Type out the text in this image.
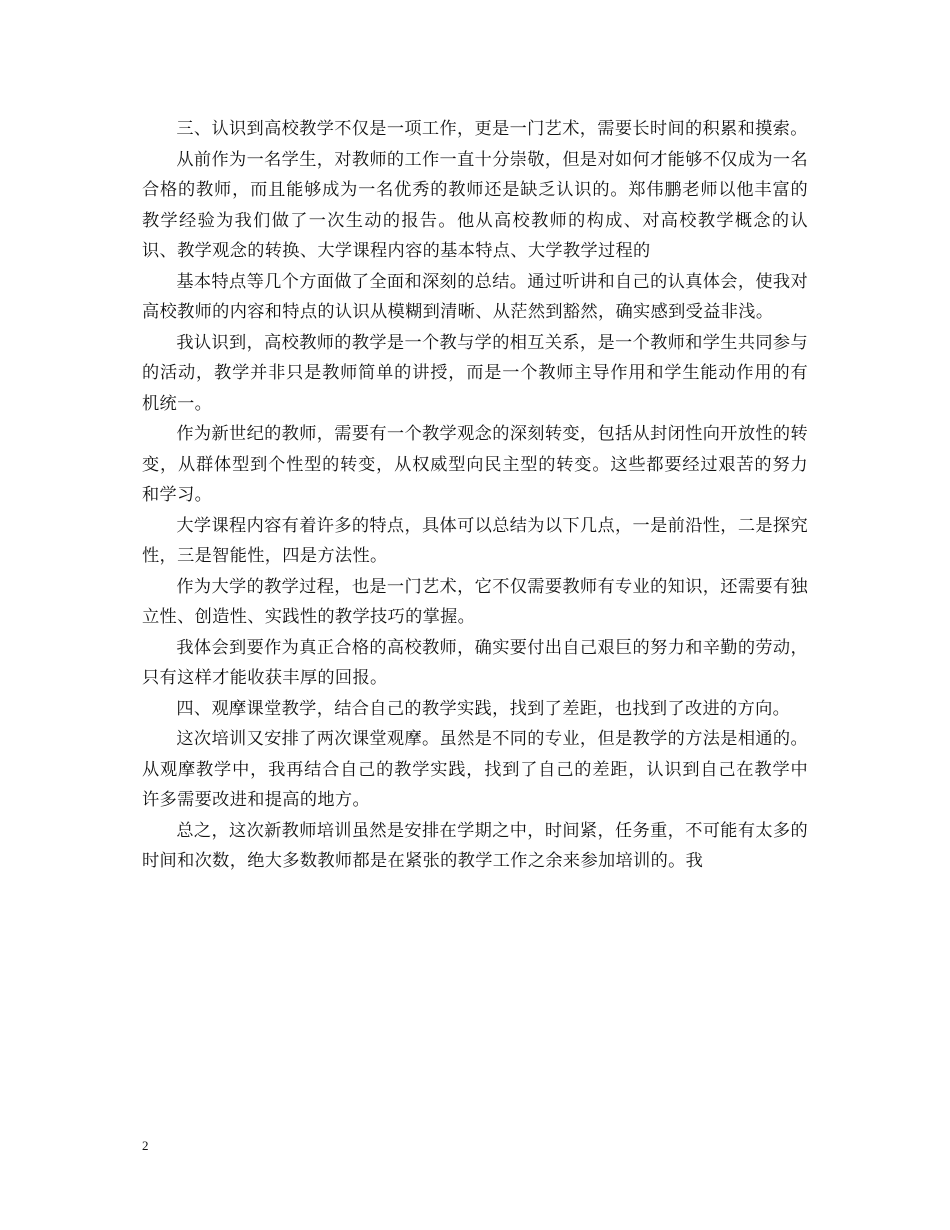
三、认识到高校教学不仅是一项工作，更是一门艺术，需要长时间的积累和摸索。

从前作为一名学生，对教师的工作一直十分崇敬，但是对如何才能够不仅成为一名合格的教师，而且能够成为一名优秀的教师还是缺乏认识的。郑伟鹏老师以他丰富的教学经验为我们做了一次生动的报告。他从高校教师的构成、对高校教学概念的认识、教学观念的转换、大学课程内容的基本特点、大学教学过程的

基本特点等几个方面做了全面和深刻的总结。通过听讲和自己的认真体会，使我对高校教师的内容和特点的认识从模糊到清晰、从茫然到豁然，确实感到受益非浅。

我认识到，高校教师的教学是一个教与学的相互关系，是一个教师和学生共同参与的活动，教学并非只是教师简单的讲授，而是一个教师主导作用和学生能动作用的有机统一。

作为新世纪的教师，需要有一个教学观念的深刻转变，包括从封闭性向开放性的转变，从群体型到个性型的转变，从权威型向民主型的转变。这些都要经过艰苦的努力和学习。

大学课程内容有着许多的特点，具体可以总结为以下几点，一是前沿性，二是探究性，三是智能性，四是方法性。

作为大学的教学过程，也是一门艺术，它不仅需要教师有专业的知识，还需要有独立性、创造性、实践性的教学技巧的掌握。

我体会到要作为真正合格的高校教师，确实要付出自己艰巨的努力和辛勤的劳动，只有这样才能收获丰厚的回报。

四、观摩课堂教学，结合自己的教学实践，找到了差距，也找到了改进的方向。

这次培训又安排了两次课堂观摩。虽然是不同的专业，但是教学的方法是相通的。从观摩教学中，我再结合自己的教学实践，找到了自己的差距，认识到自己在教学中许多需要改进和提高的地方。

总之，这次新教师培训虽然是安排在学期之中，时间紧，任务重，不可能有太多的时间和次数，绝大多数教师都是在紧张的教学工作之余来参加培训的。我

2
